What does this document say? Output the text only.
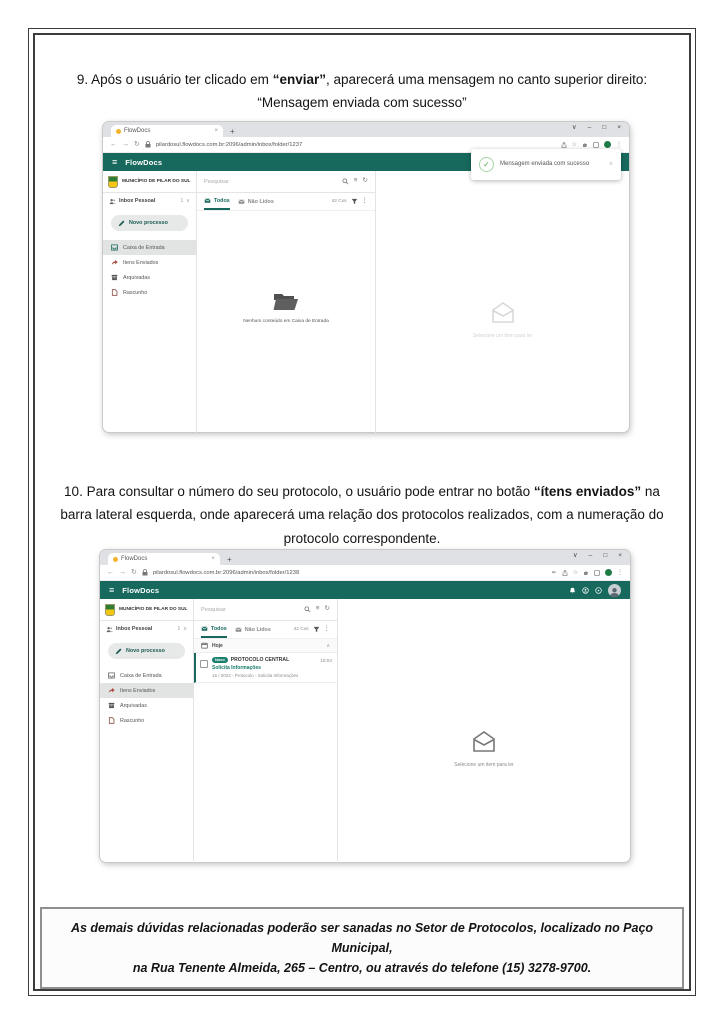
9. Após o usuário ter clicado em “enviar”, aparecerá uma mensagem no canto superior direito:
“Mensagem enviada com sucesso”

FlowDocs	× +	∨ – □ ×
← → ↻	pilardosul.flowdocs.com.br:2096/admin/inbox/folder/1237	☆	⋮
≡ FlowDocs
MUNICÍPIO DE PILAR DO SUL
Inbox Pessoal	1 ∨
Novo processo
Caixa de Entrada
Itens Enviados
Arquivadas
Rascunho
Pesquisar	≡ ↻
Todos	Não Lidos	42 Cxs ⋮
Nenhum conteúdo em Caixa de Entrada
Selecione um item para ler
✓	Mensagem enviada com sucesso	×

10. Para consultar o número do seu protocolo, o usuário pode entrar no botão “ítens enviados” na barra lateral esquerda, onde aparecerá uma relação dos protocolos realizados, com a numeração do protocolo correspondente.

FlowDocs	× +	∨ – □ ×
← → ↻	pilardosul.flowdocs.com.br:2096/admin/inbox/folder/1238	↞	☆	⋮
≡ FlowDocs
MUNICÍPIO DE PILAR DO SUL
Inbox Pessoal	1 ∨
Novo processo
Caixa de Entrada
Itens Enviados
Arquivadas
Rascunho
Pesquisar	≡ ↻
Todos	Não Lidos	42 Cxs ⋮
Hoje	∧
Novo	PROTOCOLO CENTRAL	15:04
Solicita Informações
16 / 2022 - Protocolo - Solicita Informações
Selecione um item para ler
As demais dúvidas relacionadas poderão ser sanadas no Setor de Protocolos, localizado no Paço Municipal,
na Rua Tenente Almeida, 265 – Centro, ou através do telefone (15) 3278-9700.
